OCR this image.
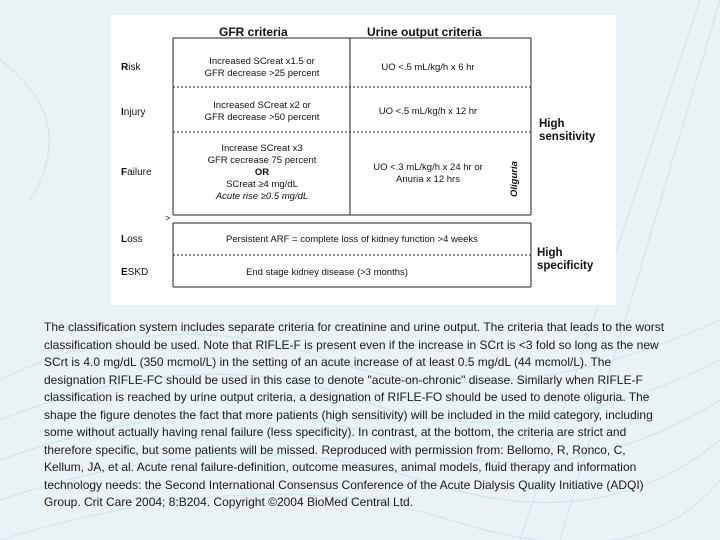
GFR criteria	Urine output criteria
Risk
Injury
Failure
Loss
ESKD
Increased SCreat x1.5 or
GFR decrease >25 percent
UO <.5 mL/kg/h x 6 hr
Increased SCreat x2 or
GFR decrease >50 percent
UO <.5 mL/kg/h x 12 hr
Increase SCreat x3
GFR cecrease 75 percent
OR
SCreat ≥4 mg/dL
Acute rise ≥0.5 mg/dL
UO <.3 mL/kg/h x 24 hr or
Anuria x 12 hrs	Oliguria
>
Persistent ARF = complete loss of kidney function >4 weeks
End stage kidney disease (>3 months)
High
sensitivity
High
specificity
The classification system includes separate criteria for creatinine and urine output. The criteria that leads to the worst classification should be used. Note that RIFLE-F is present even if the increase in SCrt is <3 fold so long as the new SCrt is 4.0 mg/dL (350 mcmol/L) in the setting of an acute increase of at least 0.5 mg/dL (44 mcmol/L). The designation RIFLE-FC should be used in this case to denote "acute-on-chronic" disease. Similarly when RIFLE-F classification is reached by urine output criteria, a designation of RIFLE-FO should be used to denote oliguria. The shape the figure denotes the fact that more patients (high sensitivity) will be included in the mild category, including some without actually having renal failure (less specificity). In contrast, at the bottom, the criteria are strict and therefore specific, but some patients will be missed. Reproduced with permission from: Bellomo, R, Ronco, C, Kellum, JA, et al. Acute renal failure-definition, outcome measures, animal models, fluid therapy and information technology needs: the Second International Consensus Conference of the Acute Dialysis Quality Initiative (ADQI) Group. Crit Care 2004; 8:B204. Copyright ©2004 BioMed Central Ltd.
